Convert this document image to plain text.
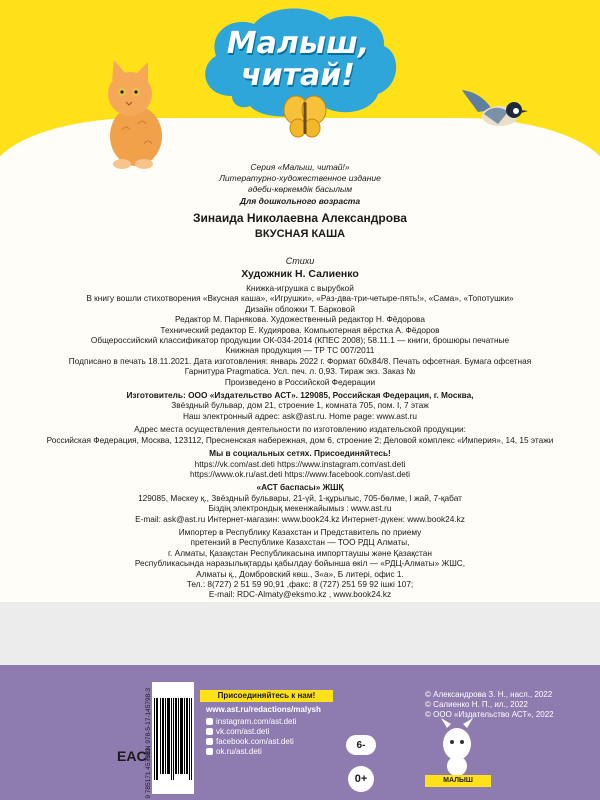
Малыш,
читай!
Серия «Малыш, читай!»
Литературно-художественное издание
әдеби-көркемдік басылым
Для дошкольного возраста
Зинаида Николаевна Александрова
ВКУСНАЯ КАША
Стихи
Художник Н. Салиенко
Книжка-игрушка с вырубкой
В книгу вошли стихотворения «Вкусная каша», «Игрушки», «Раз-два-три-четыре-пять!», «Сама», «Топотушки»
Дизайн обложки Т. Барковой
Редактор М. Парнякова. Художественный редактор Н. Фёдорова
Технический редактор Е. Кудиярова. Компьютерная вёрстка А. Фёдоров
Общероссийский классификатор продукции ОК-034-2014 (КПЕС 2008); 58.11.1 — книги, брошюры печатные
Книжная продукция — ТР ТС 007/2011
Подписано в печать 18.11.2021. Дата изготовления: январь 2022 г. Формат 60x84/8. Печать офсетная. Бумага офсетная
Гарнитура Pragmatica. Усл. печ. л. 0,93. Тираж экз. Заказ №
Произведено в Российской Федерации
Изготовитель: ООО «Издательство АСТ». 129085, Российская Федерация, г. Москва,
Звёздный бульвар, дом 21, строение 1, комната 705, пом. I, 7 этаж
Наш электронный адрес: ask@ast.ru. Home page: www.ast.ru
Адрес места осуществления деятельности по изготовлению издательской продукции:
Российская Федерация, Москва, 123112, Пресненская набережная, дом 6, строение 2; Деловой комплекс «Империя», 14, 15 этажи
Мы в социальных сетях. Присоединяйтесь!
https://vk.com/ast.deti https://www.instagram.com/ast.deti
https://www.ok.ru/ast.deti https://www.facebook.com/ast.deti
«АСТ баспасы» ЖШҚ
129085, Мәскеу қ., Звёздный бульвары, 21-үй, 1-құрылыс, 705-бөлме, I жай, 7-қабат
Біздің электрондық мекенжайымыз : www.ast.ru
E-mail: ask@ast.ru Интернет-магазин: www.book24.kz Интернет-дүкен: www.book24.kz
Импортер в Республику Казахстан и Представитель по приему
претензий в Республике Казахстан — ТОО РДЦ Алматы,
г. Алматы, Қазақстан Республикасына импорттаушы және Қазақстан
Республикасында наразылықтарды қабылдау бойынша өкіл — «РДЦ-Алматы» ЖШС,
Алматы қ., Домбровский көш., 3«а», Б литері, офис 1.
Тел.: 8(727) 2 51 59 90,91 ,факс: 8 (727) 251 59 92 ішкі 107;
E-mail: RDC-Almaty@eksmo.kz , www.book24.kz
ISBN 978-5-17-145798-3
9 785171 457983
EAC
Присоединяйтесь к нам!
www.ast.ru/redactions/malysh
instagram.com/ast.deti
vk.com/ast.deti
facebook.com/ast.deti
ok.ru/ast.deti
6-
0+
© Александрова З. Н., насл., 2022
© Салиенко Н. П., ил., 2022
© ООО «Издательство АСТ», 2022
МАЛЫШ
